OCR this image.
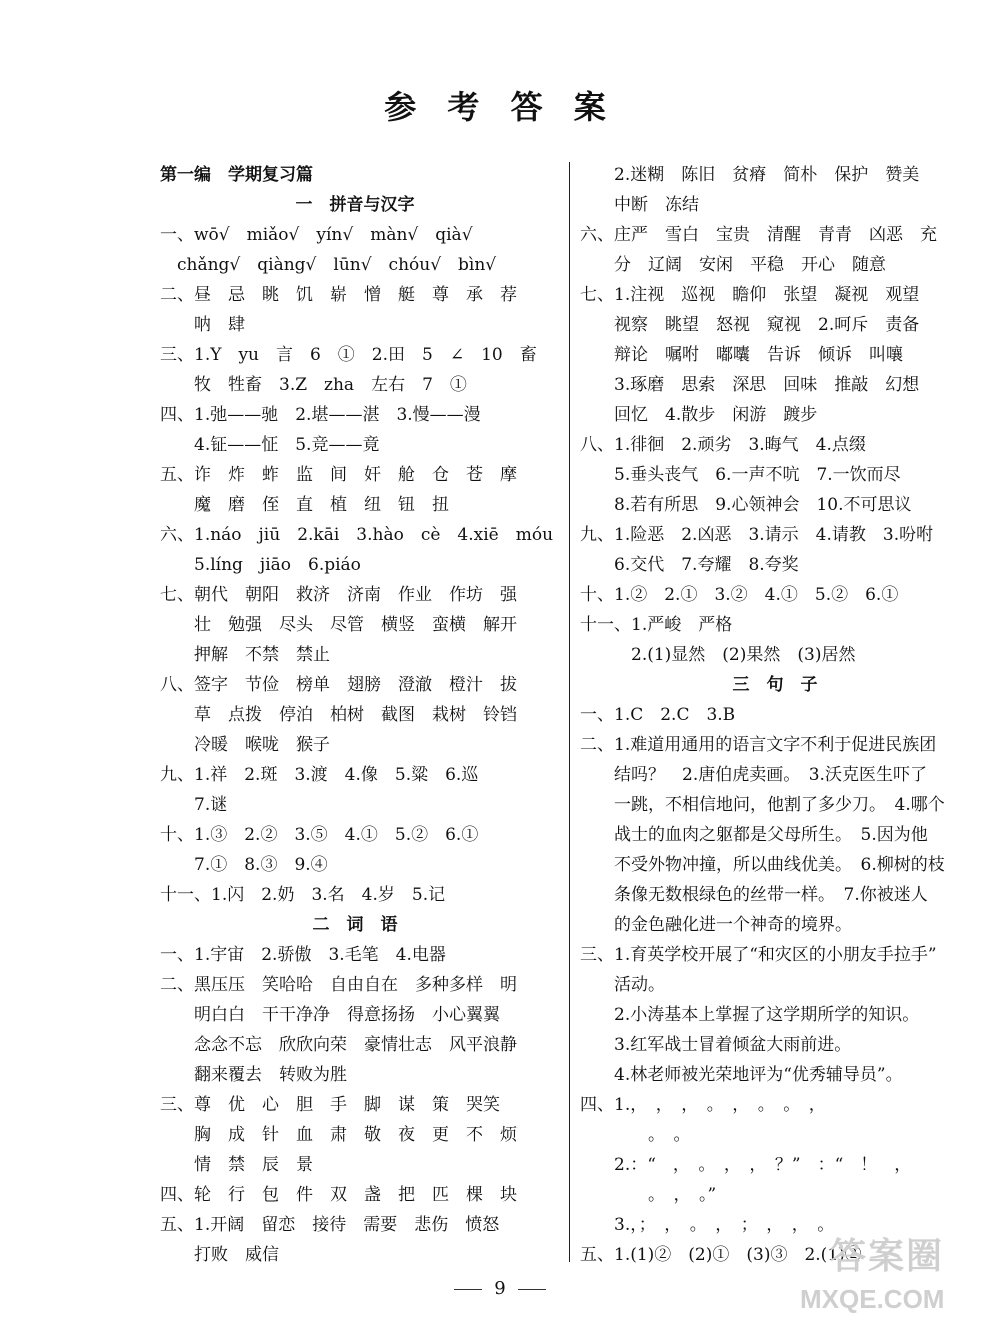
参 考 答 案
第一编　学期复习篇
一　拼音与汉字
一、wō√　miǎo√　yín√　màn√　qià√
　chǎng√　qiàng√　lūn√　chóu√　bìn√
二、昼　忌　眺　饥　崭　憎　艇　尊　承　荐
　　呐　肆
三、1.Y　yu　言　6　①　2.田　5　∠　10　畜
　　牧　牲畜　3.Z　zha　左右　7　①
四、1.弛——驰　2.堪——湛　3.慢——漫
　　4.钲——怔　5.竞——竟
五、诈　炸　蚱　监　间　奸　舱　仓　苍　摩
　　魔　磨　侄　直　植　纽　钮　扭
六、1.náo　jiū　2.kāi　3.hào　cè　4.xiē　móu
　　5.líng　jiāo　6.piáo
七、朝代　朝阳　救济　济南　作业　作坊　强
　　壮　勉强　尽头　尽管　横竖　蛮横　解开
　　押解　不禁　禁止
八、签字　节俭　榜单　翅膀　澄澈　橙汁　拔
　　草　点拨　停泊　柏树　截图　栽树　铃铛
　　冷暖　喉咙　猴子
九、1.祥　2.斑　3.渡　4.像　5.粱　6.巡
　　7.谜
十、1.③　2.②　3.⑤　4.①　5.②　6.①
　　7.①　8.③　9.④
十一、1.闪　2.奶　3.名　4.岁　5.记
二　词　语
一、1.宇宙　2.骄傲　3.毛笔　4.电器
二、黑压压　笑哈哈　自由自在　多种多样　明
　　明白白　干干净净　得意扬扬　小心翼翼
　　念念不忘　欣欣向荣　豪情壮志　风平浪静
　　翻来覆去　转败为胜
三、尊　优　心　胆　手　脚　谋　策　哭笑
　　胸　成　针　血　肃　敬　夜　更　不　烦
　　情　禁　辰　景
四、轮　行　包　件　双　盏　把　匹　棵　块
五、1.开阔　留恋　接待　需要　悲伤　愤怒
　　打败　威信
　　2.迷糊　陈旧　贫瘠　简朴　保护　赞美
　　中断　冻结
六、庄严　雪白　宝贵　清醒　青青　凶恶　充
　　分　辽阔　安闲　平稳　开心　随意
七、1.注视　巡视　瞻仰　张望　凝视　观望
　　视察　眺望　怒视　窥视　2.呵斥　责备
　　辩论　嘱咐　嘟囔　告诉　倾诉　叫嚷
　　3.琢磨　思索　深思　回味　推敲　幻想
　　回忆　4.散步　闲游　踱步
八、1.徘徊　2.顽劣　3.晦气　4.点缀
　　5.垂头丧气　6.一声不吭　7.一饮而尽
　　8.若有所思　9.心领神会　10.不可思议
九、1.险恶　2.凶恶　3.请示　4.请教　3.吩咐
　　6.交代　7.夸耀　8.夸奖
十、1.②　2.①　3.②　4.①　5.②　6.①
十一、1.严峻　严格
　　　2.(1)显然　(2)果然　(3)居然
三　句　子
一、1.C　2.C　3.B
二、1.难道用通用的语言文字不利于促进民族团
　　结吗？　2.唐伯虎卖画。　3.沃克医生吓了
　　一跳，不相信地问，他割了多少刀。　4.哪个
　　战士的血肉之躯都是父母所生。　5.因为他
　　不受外物冲撞，所以曲线优美。　6.柳树的枝
　　条像无数根绿色的丝带一样。　7.你被迷人
　　的金色融化进一个神奇的境界。
三、1.育英学校开展了“和灾区的小朋友手拉手”
　　活动。
　　2.小涛基本上掌握了这学期所学的知识。
　　3.红军战士冒着倾盆大雨前进。
　　4.林老师被光荣地评为“优秀辅导员”。
四、1.，　，　，　。　，　。　。　，
　　　　。　。
　　2.：“　，　。　，　，　？”　：“　！　，
　　　　。　，　。”
　　3.，；　，　。　，　；　，　，　。
五、1.(1)②　(2)①　(3)③　2.(1)②
9
答案圈
MXQE.COM
